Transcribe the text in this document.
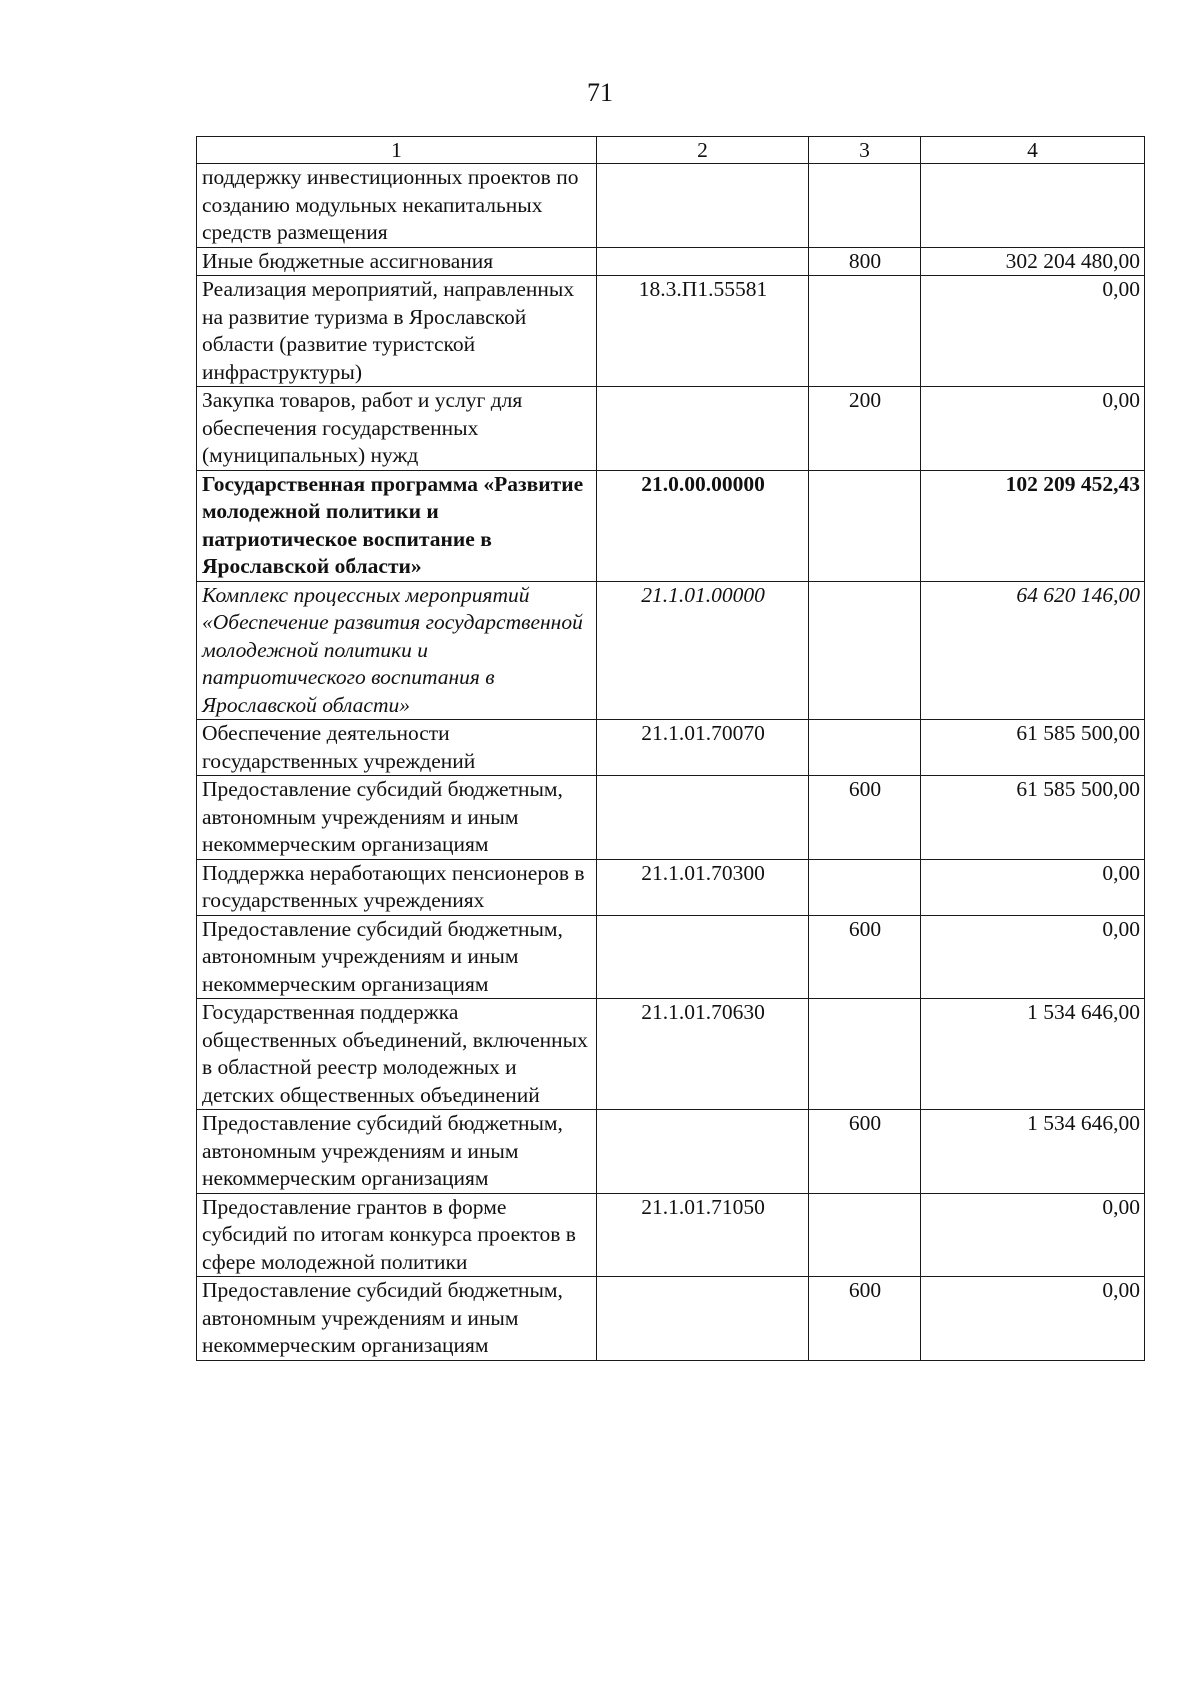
71
1	2	3	4
поддержку инвестиционных проектов по созданию модульных некапитальных средств размещения			
Иные бюджетные ассигнования		800	302 204 480,00
Реализация мероприятий, направленных на развитие туризма в Ярославской области (развитие туристской инфраструктуры)	18.3.П1.55581		0,00
Закупка товаров, работ и услуг для обеспечения государственных (муниципальных) нужд		200	0,00
Государственная программа «Развитие молодежной политики и патриотическое воспитание в Ярославской области»	21.0.00.00000		102 209 452,43
Комплекс процессных мероприятий «Обеспечение развития государственной молодежной политики и патриотического воспитания в Ярославской области»	21.1.01.00000		64 620 146,00
Обеспечение деятельности государственных учреждений	21.1.01.70070		61 585 500,00
Предоставление субсидий бюджетным, автономным учреждениям и иным некоммерческим организациям		600	61 585 500,00
Поддержка неработающих пенсионеров в государственных учреждениях	21.1.01.70300		0,00
Предоставление субсидий бюджетным, автономным учреждениям и иным некоммерческим организациям		600	0,00
Государственная поддержка общественных объединений, включенных в областной реестр молодежных и детских общественных объединений	21.1.01.70630		1 534 646,00
Предоставление субсидий бюджетным, автономным учреждениям и иным некоммерческим организациям		600	1 534 646,00
Предоставление грантов в форме субсидий по итогам конкурса проектов в сфере молодежной политики	21.1.01.71050		0,00
Предоставление субсидий бюджетным, автономным учреждениям и иным некоммерческим организациям		600	0,00
